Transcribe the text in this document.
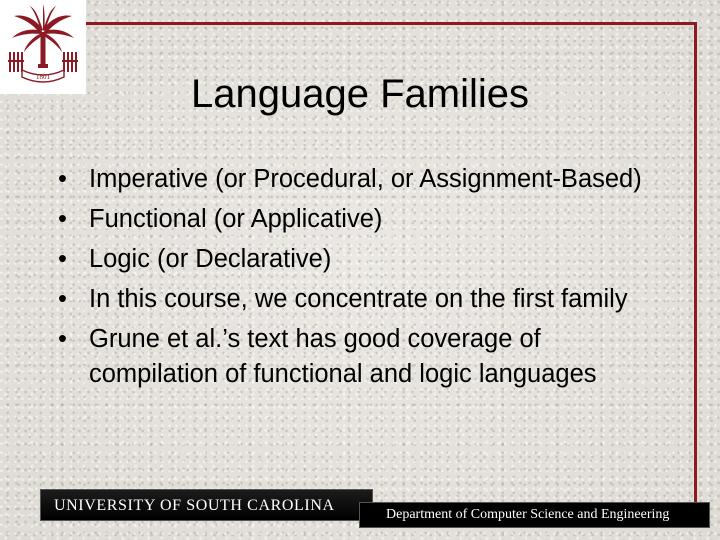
1801	Language Families
• Imperative (or Procedural, or Assignment-Based)
• Functional (or Applicative)
• Logic (or Declarative)
• In this course, we concentrate on the first family
• Grune et al.’s text has good coverage of compilation of functional and logic languages
UNIVERSITY OF SOUTH CAROLINA
Department of Computer Science and Engineering
